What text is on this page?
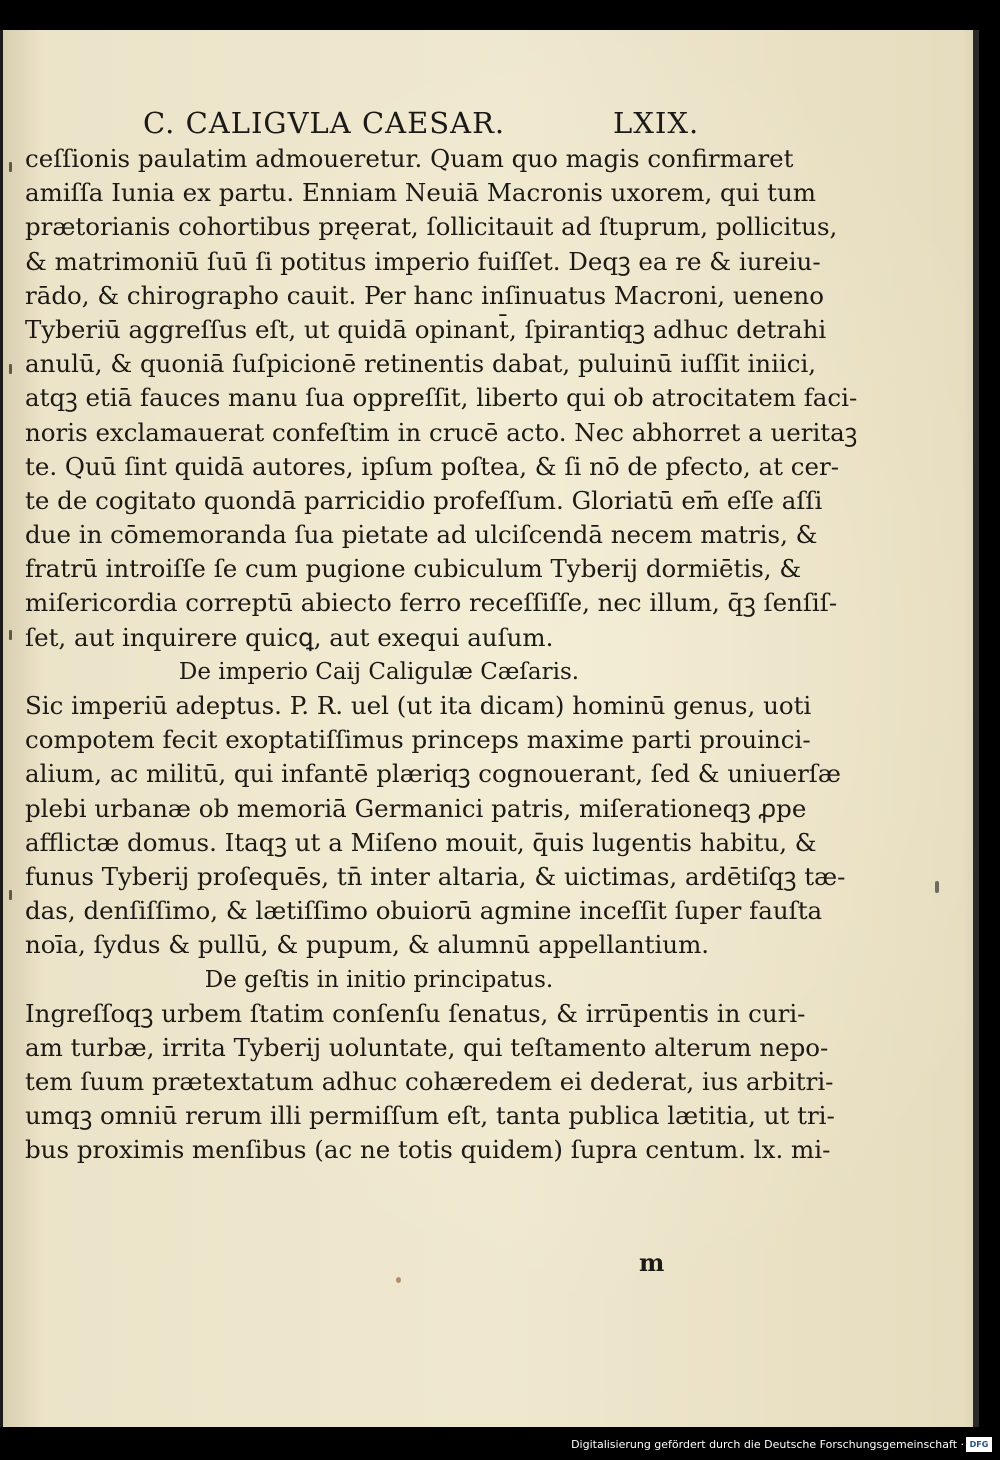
C. CALIGVLA CAESAR.	LXIX.
ceſſionis paulatim admoueretur. Quam quo magis confirmaret
amiſſa Iunia ex partu. Enniam Neuiā Macronis uxorem, qui tum
prætorianis cohortibus pręerat, ſollicitauit ad ſtuprum, pollicitus,
& matrimoniū ſuū ſi potitus imperio fuiſſet. Deqꝫ ea re & iureiu‑
rādo, & chirographo cauit. Per hanc inſinuatus Macroni, ueneno
Tyberiū aggreſſus eſt, ut quidā opinant̄, ſpirantiqꝫ adhuc detrahi
anulū, & quoniā ſuſpicionē retinentis dabat, puluinū iuſſit iniici,
atqꝫ etiā fauces manu ſua oppreſſit, liberto qui ob atrocitatem faci‑
noris exclamauerat confeſtim in crucē acto. Nec abhorret a ueritaꝫ
te. Quū ſint quidā autores, ipſum poſtea, & ſi nō de pfecto, at cer‑
te de cogitato quondā parricidio profeſſum. Gloriatū em̄ eſſe aſſi
due in cōmemoranda ſua pietate ad ulciſcendā necem matris, &
fratrū introiſſe ſe cum pugione cubiculum Tyberij dormiētis, &
miſericordia correptū abiecto ferro receſſiſſe, nec illum, q̄ꝫ ſenſiſ‑
ſet, aut inquirere quicꝗ, aut exequi auſum.
De imperio Caij Caligulæ Cæſaris.
Sic imperiū adeptus. P. R. uel (ut ita dicam) hominū genus, uoti
compotem fecit exoptatiſſimus princeps maxime parti prouinci‑
alium, ac militū, qui infantē plæriqꝫ cognouerant, ſed & uniuerſæ
plebi urbanæ ob memoriā Germanici patris, miſerationeqꝫ ꝓpe
afflictæ domus. Itaqꝫ ut a Miſeno mouit, q̄uis lugentis habitu, &
funus Tyberij proſequēs, tn̄ inter altaria, & uictimas, ardētiſqꝫ tæ‑
das, denſiſſimo, & lætiſſimo obuiorū agmine inceſſit ſuper fauſta
noīa, ſydus & pullū, & pupum, & alumnū appellantium.
De geſtis in initio principatus.
Ingreſſoqꝫ urbem ſtatim conſenſu ſenatus, & irrūpentis in curi‑
am turbæ, irrita Tyberij uoluntate, qui teſtamento alterum nepo‑
tem ſuum prætextatum adhuc cohæredem ei dederat, ius arbitri‑
umqꝫ omniū rerum illi permiſſum eſt, tanta publica lætitia, ut tri‑
bus proximis menſibus (ac ne totis quidem) ſupra centum. lx. mi‑
m
Digitalisierung gefördert durch die Deutsche Forschungsgemeinschaft · DFG
